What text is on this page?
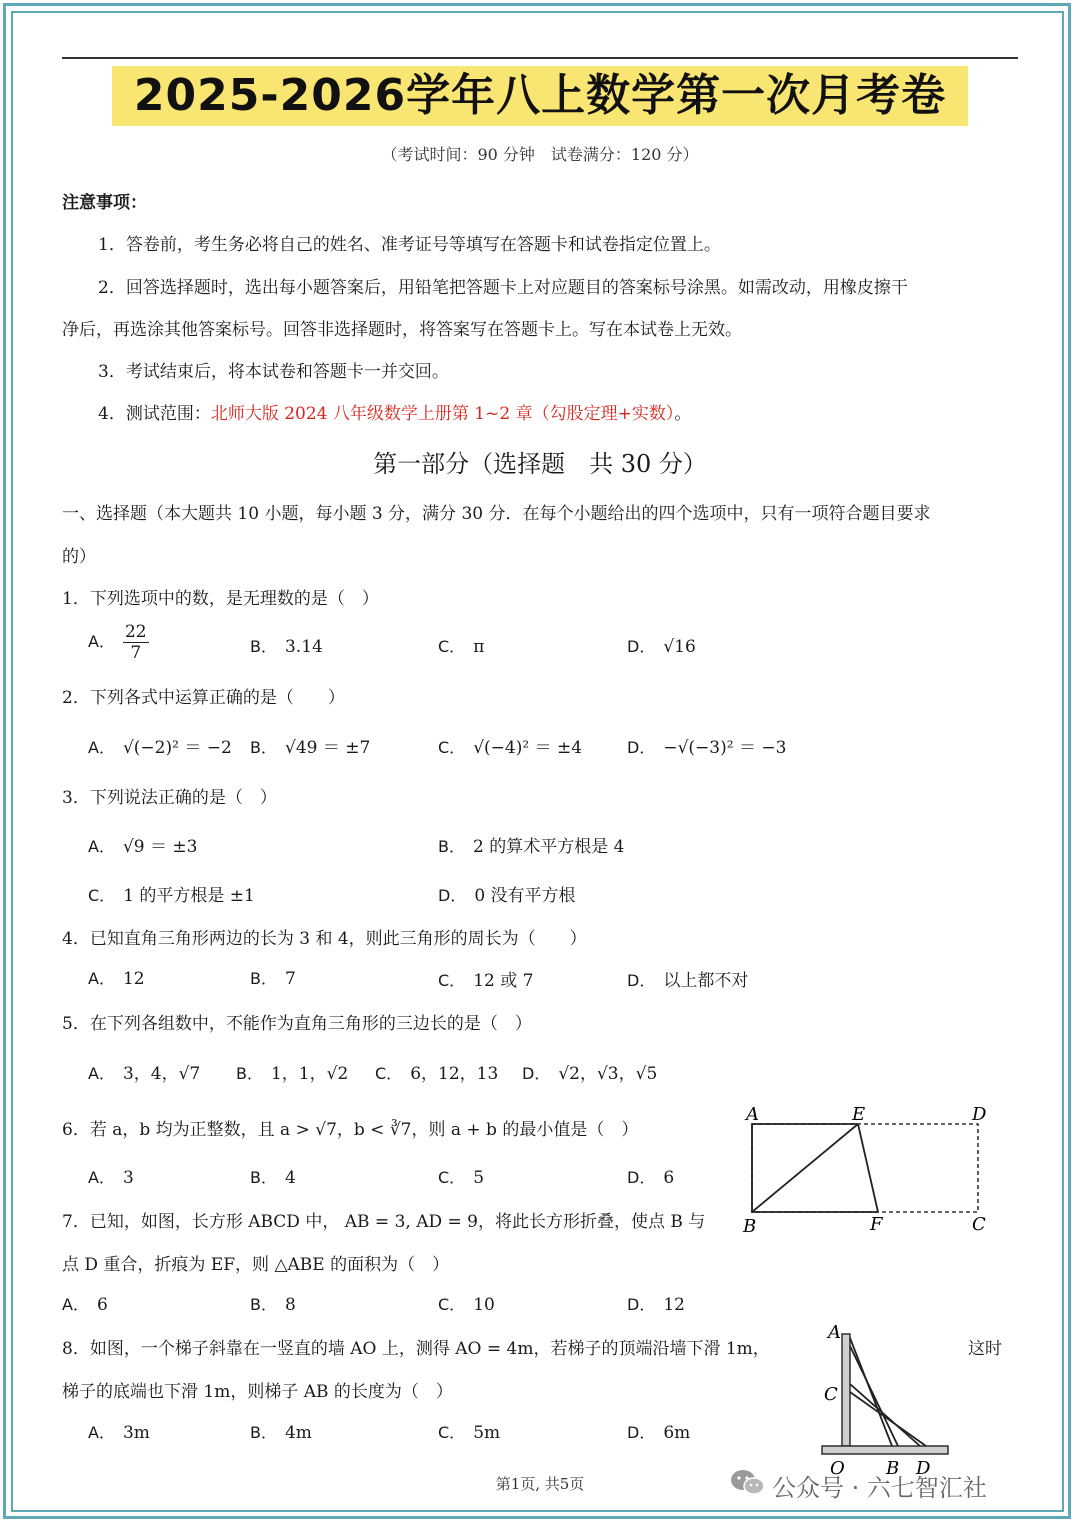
2025-2026学年八上数学第一次月考卷
（考试时间：90 分钟　试卷满分：120 分）
注意事项：
1．答卷前，考生务必将自己的姓名、准考证号等填写在答题卡和试卷指定位置上。
2．回答选择题时，选出每小题答案后，用铅笔把答题卡上对应题目的答案标号涂黑。如需改动，用橡皮擦干
净后，再选涂其他答案标号。回答非选择题时，将答案写在答题卡上。写在本试卷上无效。
3．考试结束后，将本试卷和答题卡一并交回。
4．测试范围：北师大版 2024 八年级数学上册第 1~2 章（勾股定理+实数）。
第一部分（选择题　共 30 分）
一、选择题（本大题共 10 小题，每小题 3 分，满分 30 分．在每个小题给出的四个选项中，只有一项符合题目要求
的）
1．下列选项中的数，是无理数的是（　）
A． $\frac{22}{7}$	B． 3.14	C． π	D． √16
2．下列各式中运算正确的是（　　）
A． √(−2)² ＝ −2 B． √49 ＝ ±7	C． √(−4)² ＝ ±4	D． −√(−3)² ＝ −3
3．下列说法正确的是（　）
A． √9 ＝ ±3	B． 2 的算术平方根是 4
C． 1 的平方根是 ±1	D． 0 没有平方根
4．已知直角三角形两边的长为 3 和 4，则此三角形的周长为（　　）
A． 12	B． 7	C． 12 或 7	D． 以上都不对
5．在下列各组数中，不能作为直角三角形的三边长的是（　）
A． 3，4，√7 B． 1，1，√2 C． 6，12，13 D． √2，√3，√5
6．若 a，b 均为正整数，且 a > √7，b < ∛7，则 a + b 的最小值是（　）
A． 3	B． 4	C． 5	D． 6
A	E	D
B	F	C
7．已知，如图，长方形 ABCD 中， AB = 3, AD = 9，将此长方形折叠，使点 B 与
点 D 重合，折痕为 EF，则 △ABE 的面积为（　）
A． 6	B． 8	C． 10	D． 12
8．如图，一个梯子斜靠在一竖直的墙 AO 上，测得 AO = 4m，若梯子的顶端沿墙下滑 1m，	这时
梯子的底端也下滑 1m，则梯子 AB 的长度为（　）
A． 3m	B． 4m	C． 5m	D． 6m
A
C
O B D
第1页, 共5页	公众号 · 六七智汇社
